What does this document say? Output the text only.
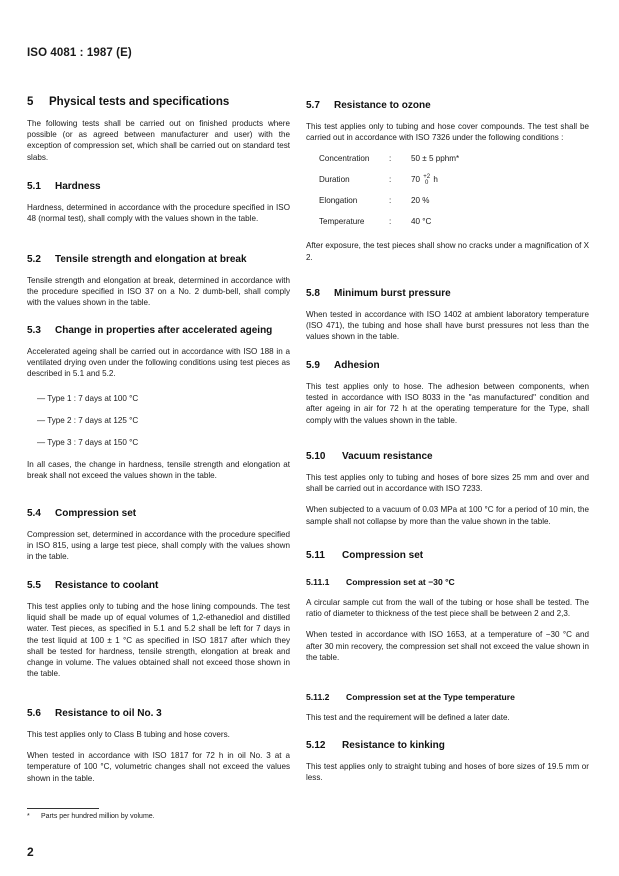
ISO 4081 : 1987 (E)
5 Physical tests and specifications

The following tests shall be carried out on finished products where possible (or as agreed between manufacturer and user) with the exception of compression set, which shall be carried out on standard test slabs.

5.1 Hardness

Hardness, determined in accordance with the procedure specified in ISO 48 (normal test), shall comply with the values shown in the table.

5.2 Tensile strength and elongation at break

Tensile strength and elongation at break, determined in accordance with the procedure specified in ISO 37 on a No. 2 dumb-bell, shall comply with the values shown in the table.

5.3 Change in properties after accelerated ageing

Accelerated ageing shall be carried out in accordance with ISO 188 in a ventilated drying oven under the following conditions using test pieces as described in 5.1 and 5.2.

— Type 1 : 7 days at 100 °C
— Type 2 : 7 days at 125 °C
— Type 3 : 7 days at 150 °C

In all cases, the change in hardness, tensile strength and elongation at break shall not exceed the values shown in the table.

5.4 Compression set

Compression set, determined in accordance with the procedure specified in ISO 815, using a large test piece, shall comply with the values shown in the table.

5.5 Resistance to coolant

This test applies only to tubing and the hose lining compounds. The test liquid shall be made up of equal volumes of 1,2-ethanediol and distilled water. Test pieces, as specified in 5.1 and 5.2 shall be left for 7 days in the test liquid at 100 ± 1 °C as specified in ISO 1817 after which they shall be tested for hardness, tensile strength, elongation at break and change in volume. The values obtained shall not exceed those shown in the table.

5.6 Resistance to oil No. 3

This test applies only to Class B tubing and hose covers.

When tested in accordance with ISO 1817 for 72 h in oil No. 3 at a temperature of 100 °C, volumetric changes shall not exceed the values shown in the table.

5.7 Resistance to ozone

This test applies only to tubing and hose cover compounds. The test shall be carried out in accordance with ISO 7326 under the following conditions :

Concentration	:	50 ± 5 pphm*
Duration	:	70 +2
0 h
Elongation	:	20 %
Temperature	:	40 °C

After exposure, the test pieces shall show no cracks under a magnification of X 2.

5.8 Minimum burst pressure

When tested in accordance with ISO 1402 at ambient laboratory temperature (ISO 471), the tubing and hose shall have burst pressures not less than the values shown in the table.

5.9 Adhesion

This test applies only to hose. The adhesion between components, when tested in accordance with ISO 8033 in the "as manufactured" condition and after ageing in air for 72 h at the operating temperature for the Type, shall comply with the values shown in the table.

5.10 Vacuum resistance

This test applies only to tubing and hoses of bore sizes 25 mm and over and shall be carried out in accordance with ISO 7233.

When subjected to a vacuum of 0.03 MPa at 100 °C for a period of 10 min, the sample shall not collapse by more than the value shown in the table.

5.11 Compression set
5.11.1 Compression set at −30 °C

A circular sample cut from the wall of the tubing or hose shall be tested. The ratio of diameter to thickness of the test piece shall be between 2 and 2,3.

When tested in accordance with ISO 1653, at a temperature of −30 °C and after 30 min recovery, the compression set shall not exceed the value shown in the table.

5.11.2 Compression set at the Type temperature

This test and the requirement will be defined a later date.

5.12 Resistance to kinking

This test applies only to straight tubing and hoses of bore sizes of 19.5 mm or less.

* Parts per hundred million by volume.
2
